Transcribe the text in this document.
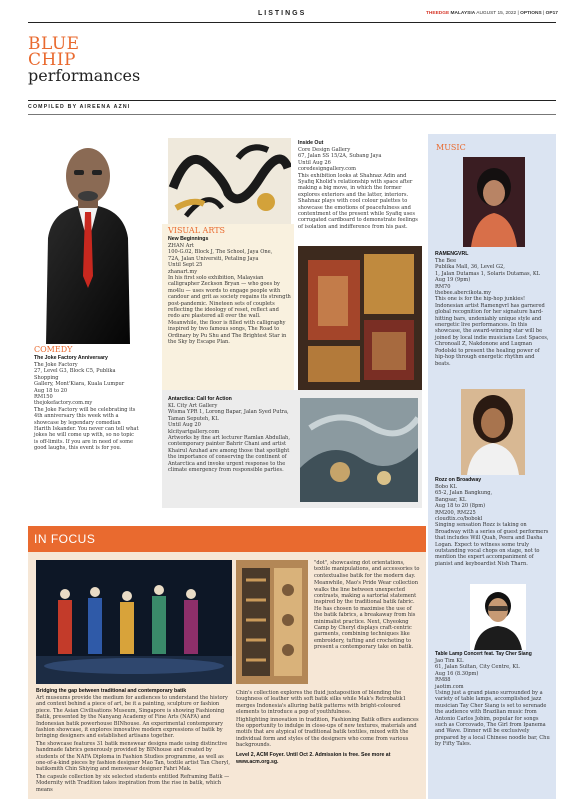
LISTINGS	THEEDGE MALAYSIA AUGUST 15, 2022 | OPTIONS | OP17
BLUE
CHIP
performances
COMPILED BY AIREENA AZNI
COMEDY
The Joke Factory Anniversary
The Joke Factory
27, Level G3, Block C5, Publika Shopping
Gallery, Mont'Kiara, Kuala Lumpur
Aug 18 to 20
RM150
thejokefactory.com.my

The Joke Factory will be celebrating its 4th anniversary this week with a showcase by legendary comedian Harith Iskander. You never can tell what jokes he will come up with, so no topic is off-limits. If you are in need of some good laughs, this event is for you.

VISUAL ARTS
New Beginnings
ZHAN Art
100-G.02, Block J, The School, Jaya One,
72A, Jalan Universiti, Petaling Jaya
Until Sept 25
zhanart.my

In his first solo exhibition, Malaysian calligrapher Zeckson Bryan — who goes by mo4lu — uses words to engage people with candour and grit as society regains its strength post-pandemic. Nineteen sets of couplets reflecting the ideology of reset, reflect and redo are plastered all over the wall. Meanwhile, the floor is filled with calligraphy inspired by two famous songs, The Road to Ordinary by Pu Shu and The Brightest Star in the Sky by Escape Plan.

Inside Out
Core Design Gallery
67, Jalan SS 15/2A, Subang Jaya
Until Aug 26
coredesigngallery.com

This exhibition looks at Shahnaz Adin and Syafiq Kholid's relationship with space after making a big move, in which the former explores exteriors and the latter, interiors. Shahnaz plays with cool colour palettes to showcase the emotions of peacefulness and contentment of the present while Syafiq uses corrugated cardboard to demonstrate feelings of isolation and indifference from his past.

Antarctica: Call for Action
KL City Art Gallery
Wisma YPR 1, Lorong Bapar, Jalan Syed Putra,
Taman Seputeh, KL
Until Aug 20
klcityartgallery.com

Artworks by fine art lecturer Ramlan Abdullah, contemporary painter Bahrir Chani and artist Khairul Azuhad are among those that spotlight the importance of conserving the continent of Antarctica and invoke urgent response to the climate emergency from responsible parties.

MUSIC
RAMENGVRL
The Bee
Publika Mall, 36, Level G2,
1, Jalan Dutamas 1, Solaris Dutamas, KL
Aug 19 (9pm)
RM70
thebee.abercikota.my

This one is for the hip-hop junkies! Indonesian artist Ramengvrl has garnered global recognition for her signature hard-hitting bars, undeniably unique style and energetic live performances. In this showcase, the award-winning star will be joined by local indie musicians Lost Spaces, Chronoall Z, Nakdonone and Luqman Podolski to present the healing power of hip-hop through energetic rhythm and beats.

Rozz on Broadway
Bobo KL
65-2, Jalan Bangkung,
Bangsar, KL
Aug 18 to 20 (8pm)
RM200, RM225
cloudtix.co/bobokl

Singing sensation Rozz is taking on Broadway with a series of guest performers that includes Will Quah, Peera and Dasha Logan. Expect to witness some truly outstanding vocal chops on stage, not to mention the expert accompaniment of pianist and keyboardist Nish Tharn.

Table Lamp Concert feat. Tay Cher Siang
Jao Tim KL
61, Jalan Sultan, City Centre, KL
Aug 16 (8.30pm)
RM88
jaotim.com

Using just a grand piano surrounded by a variety of table lamps, accomplished jazz musician Tay Cher Siang is set to serenade the audience with Brazilian music from Antonio Carlos Jobim, popular for songs such as Corcovado, The Girl from Ipanema and Wave. Dinner will be exclusively prepared by a local Chinese noodle bar, Chu by Fifty Tales.

IN FOCUS
Bridging the gap between traditional and contemporary batik

Art museums provide the medium for audiences to understand the history and context behind a piece of art, be it a painting, sculpture or fashion piece. The Asian Civilisations Museum, Singapore is showing Fashioning Batik, presented by the Nanyang Academy of Fine Arts (NAFA) and Indonesian batik powerhouse BINhouse. An experimental contemporary fashion showcase, it explores innovative modern expressions of batik by bringing designers and established artisans together.

The showcase features 31 batik menswear designs made using distinctive handmade fabrics generously provided by BINhouse and created by students of the NAFA Diploma in Fashion Studies programme, as well as one-of-a-kind pieces by fashion designer Mao Tan, textile artist Tan Cheryl, batiksmith Chin Shiying and menswear designer Fahri Mak.

The capsule collection by six selected students entitled Reframing Batik — Modernity with Tradition takes inspiration from the rise in batik, which means

"dot", showcasing dot orientations, textile manipulations, and accessories to contextualise batik for the modern day.

Meanwhile, Mao's Pride Wear collection walks the line between unexpected contrasts, making a sartorial statement inspired by the traditional batik fabric. He has chosen to maximise the use of the batik fabrics, a breakaway from his minimalist practice. Next, Chyeokng Camp by Cheryl displays craft-centric garments, combining techniques like embroidery, tufting and crocheting to present a contemporary take on batik.

Chin's collection explores the fluid juxtaposition of blending the toughness of leather with soft batik silks while Mak's Retrobatik1 merges Indonesia's alluring batik patterns with bright-coloured elements to introduce a pop of youthfulness.

Highlighting innovation in tradition, Fashioning Batik offers audiences the opportunity to indulge in close-ups of new textures, materials and motifs that are atypical of traditional batik textiles, mixed with the individual form and styles of the designers who come from various backgrounds.

Level 2, ACM Foyer. Until Oct 2. Admission is free. See more at www.acm.org.sg.
